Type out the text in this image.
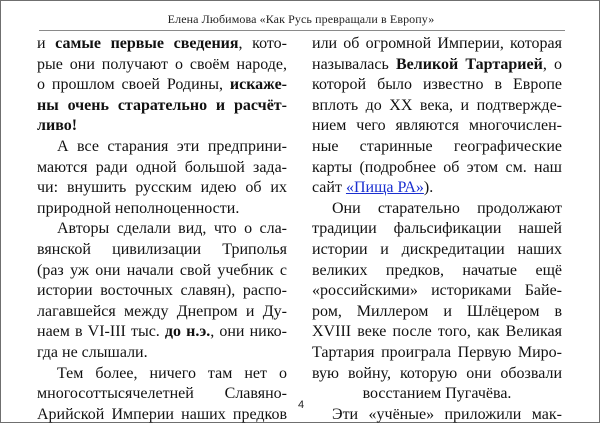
Елена Любимова «Как Русь превращали в Европу»
и самые первые сведения, кото-
рые они получают о своём народе,
о прошлом своей Родины, искаже-
ны очень старательно и расчёт-
ливо!
А все старания эти предприни-
маются ради одной большой зада-
чи: внушить русским идею об их
природной неполноценности.
Авторы сделали вид, что о сла-
вянской цивилизации Триполья
(раз уж они начали свой учебник с
истории восточных славян), распо-
лагавшейся между Днепром и Ду-
наем в VI-III тыс. до н.э., они нико-
гда не слышали.
Тем более, ничего там нет о
многосоттысячелетней Славяно-
Арийской Империи наших предков
или об огромной Империи, которая
называлась Великой Тартарией, о
которой было известно в Европе
вплоть до XX века, и подтвержде-
нием чего являются многочислен-
ные старинные географические
карты (подробнее об этом см. наш
сайт «Пища РА»).
Они старательно продолжают
традиции фальсификации нашей
истории и дискредитации наших
великих предков, начатые ещё
«российскими» историками Байе-
ром, Миллером и Шлёцером в
XVIII веке после того, как Великая
Тартария проиграла Первую Миро-
вую войну, которую они обозвали
восстанием Пугачёва.
Эти «учёные» приложили мак-
4
